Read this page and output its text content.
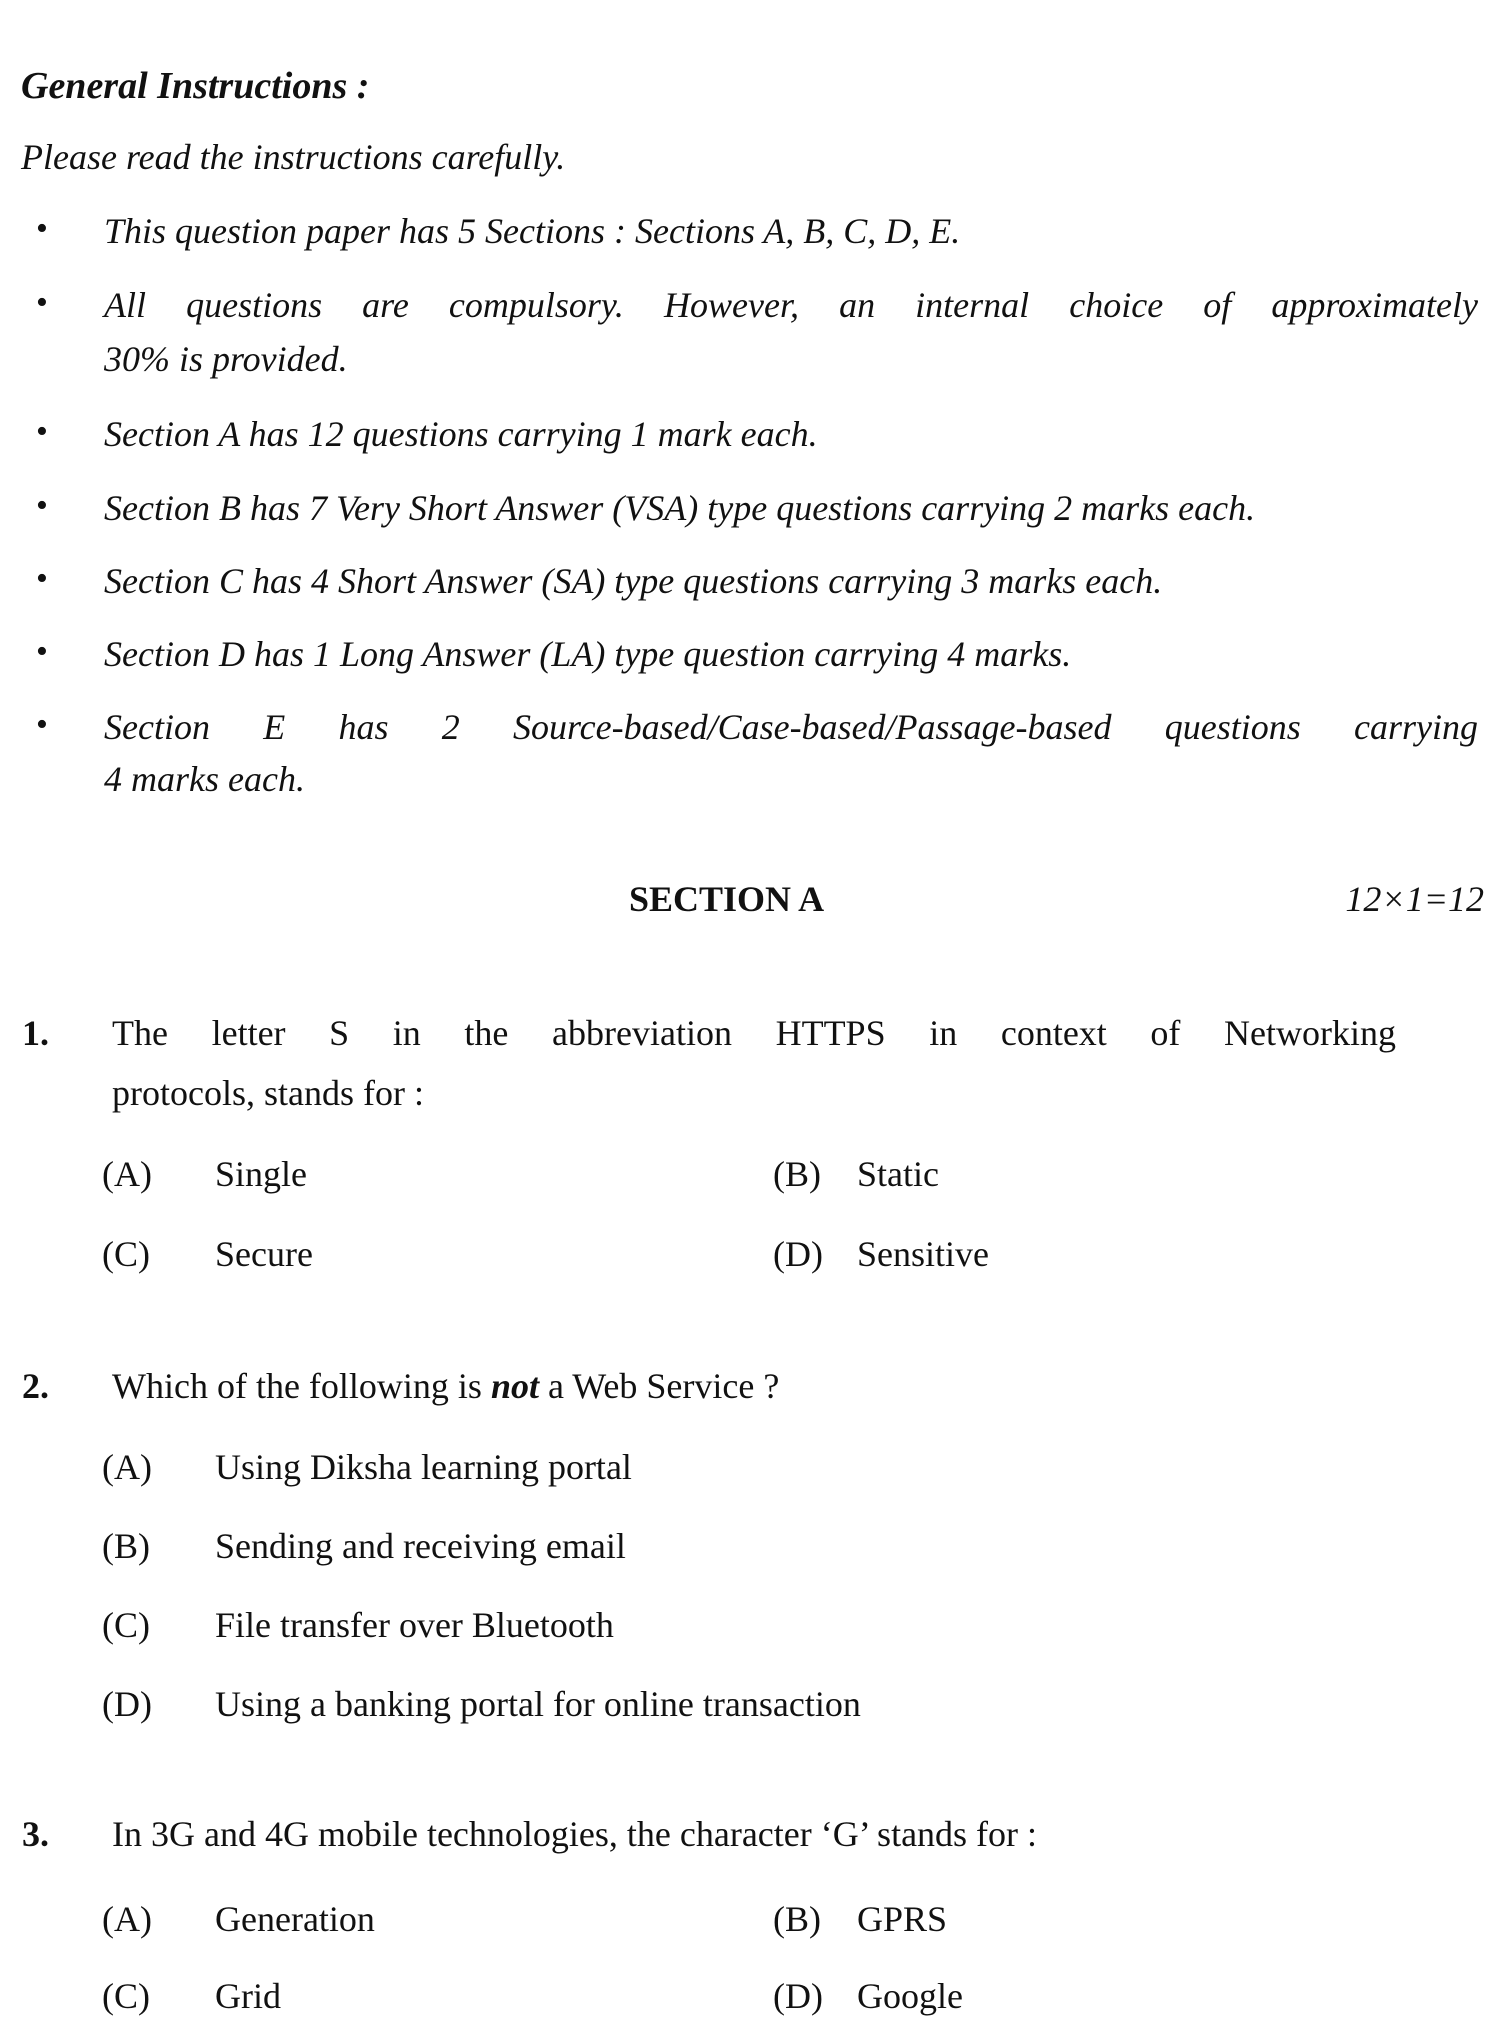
General Instructions :
Please read the instructions carefully.
• This question paper has 5 Sections : Sections A, B, C, D, E.
• All questions are compulsory. However, an internal choice of approximately
30% is provided.
• Section A has 12 questions carrying 1 mark each.
• Section B has 7 Very Short Answer (VSA) type questions carrying 2 marks each.
• Section C has 4 Short Answer (SA) type questions carrying 3 marks each.
• Section D has 1 Long Answer (LA) type question carrying 4 marks.
• Section E has 2 Source-based/Case-based/Passage-based questions carrying
4 marks each.
SECTION A	12×1=12
1. The letter S in the abbreviation HTTPS in context of Networking
protocols, stands for :
(A) Single	(B) Static
(C) Secure	(D) Sensitive
2. Which of the following is not a Web Service ?
(A) Using Diksha learning portal
(B) Sending and receiving email
(C) File transfer over Bluetooth
(D) Using a banking portal for online transaction
3. In 3G and 4G mobile technologies, the character ‘G’ stands for :
(A) Generation	(B) GPRS
(C) Grid	(D) Google
